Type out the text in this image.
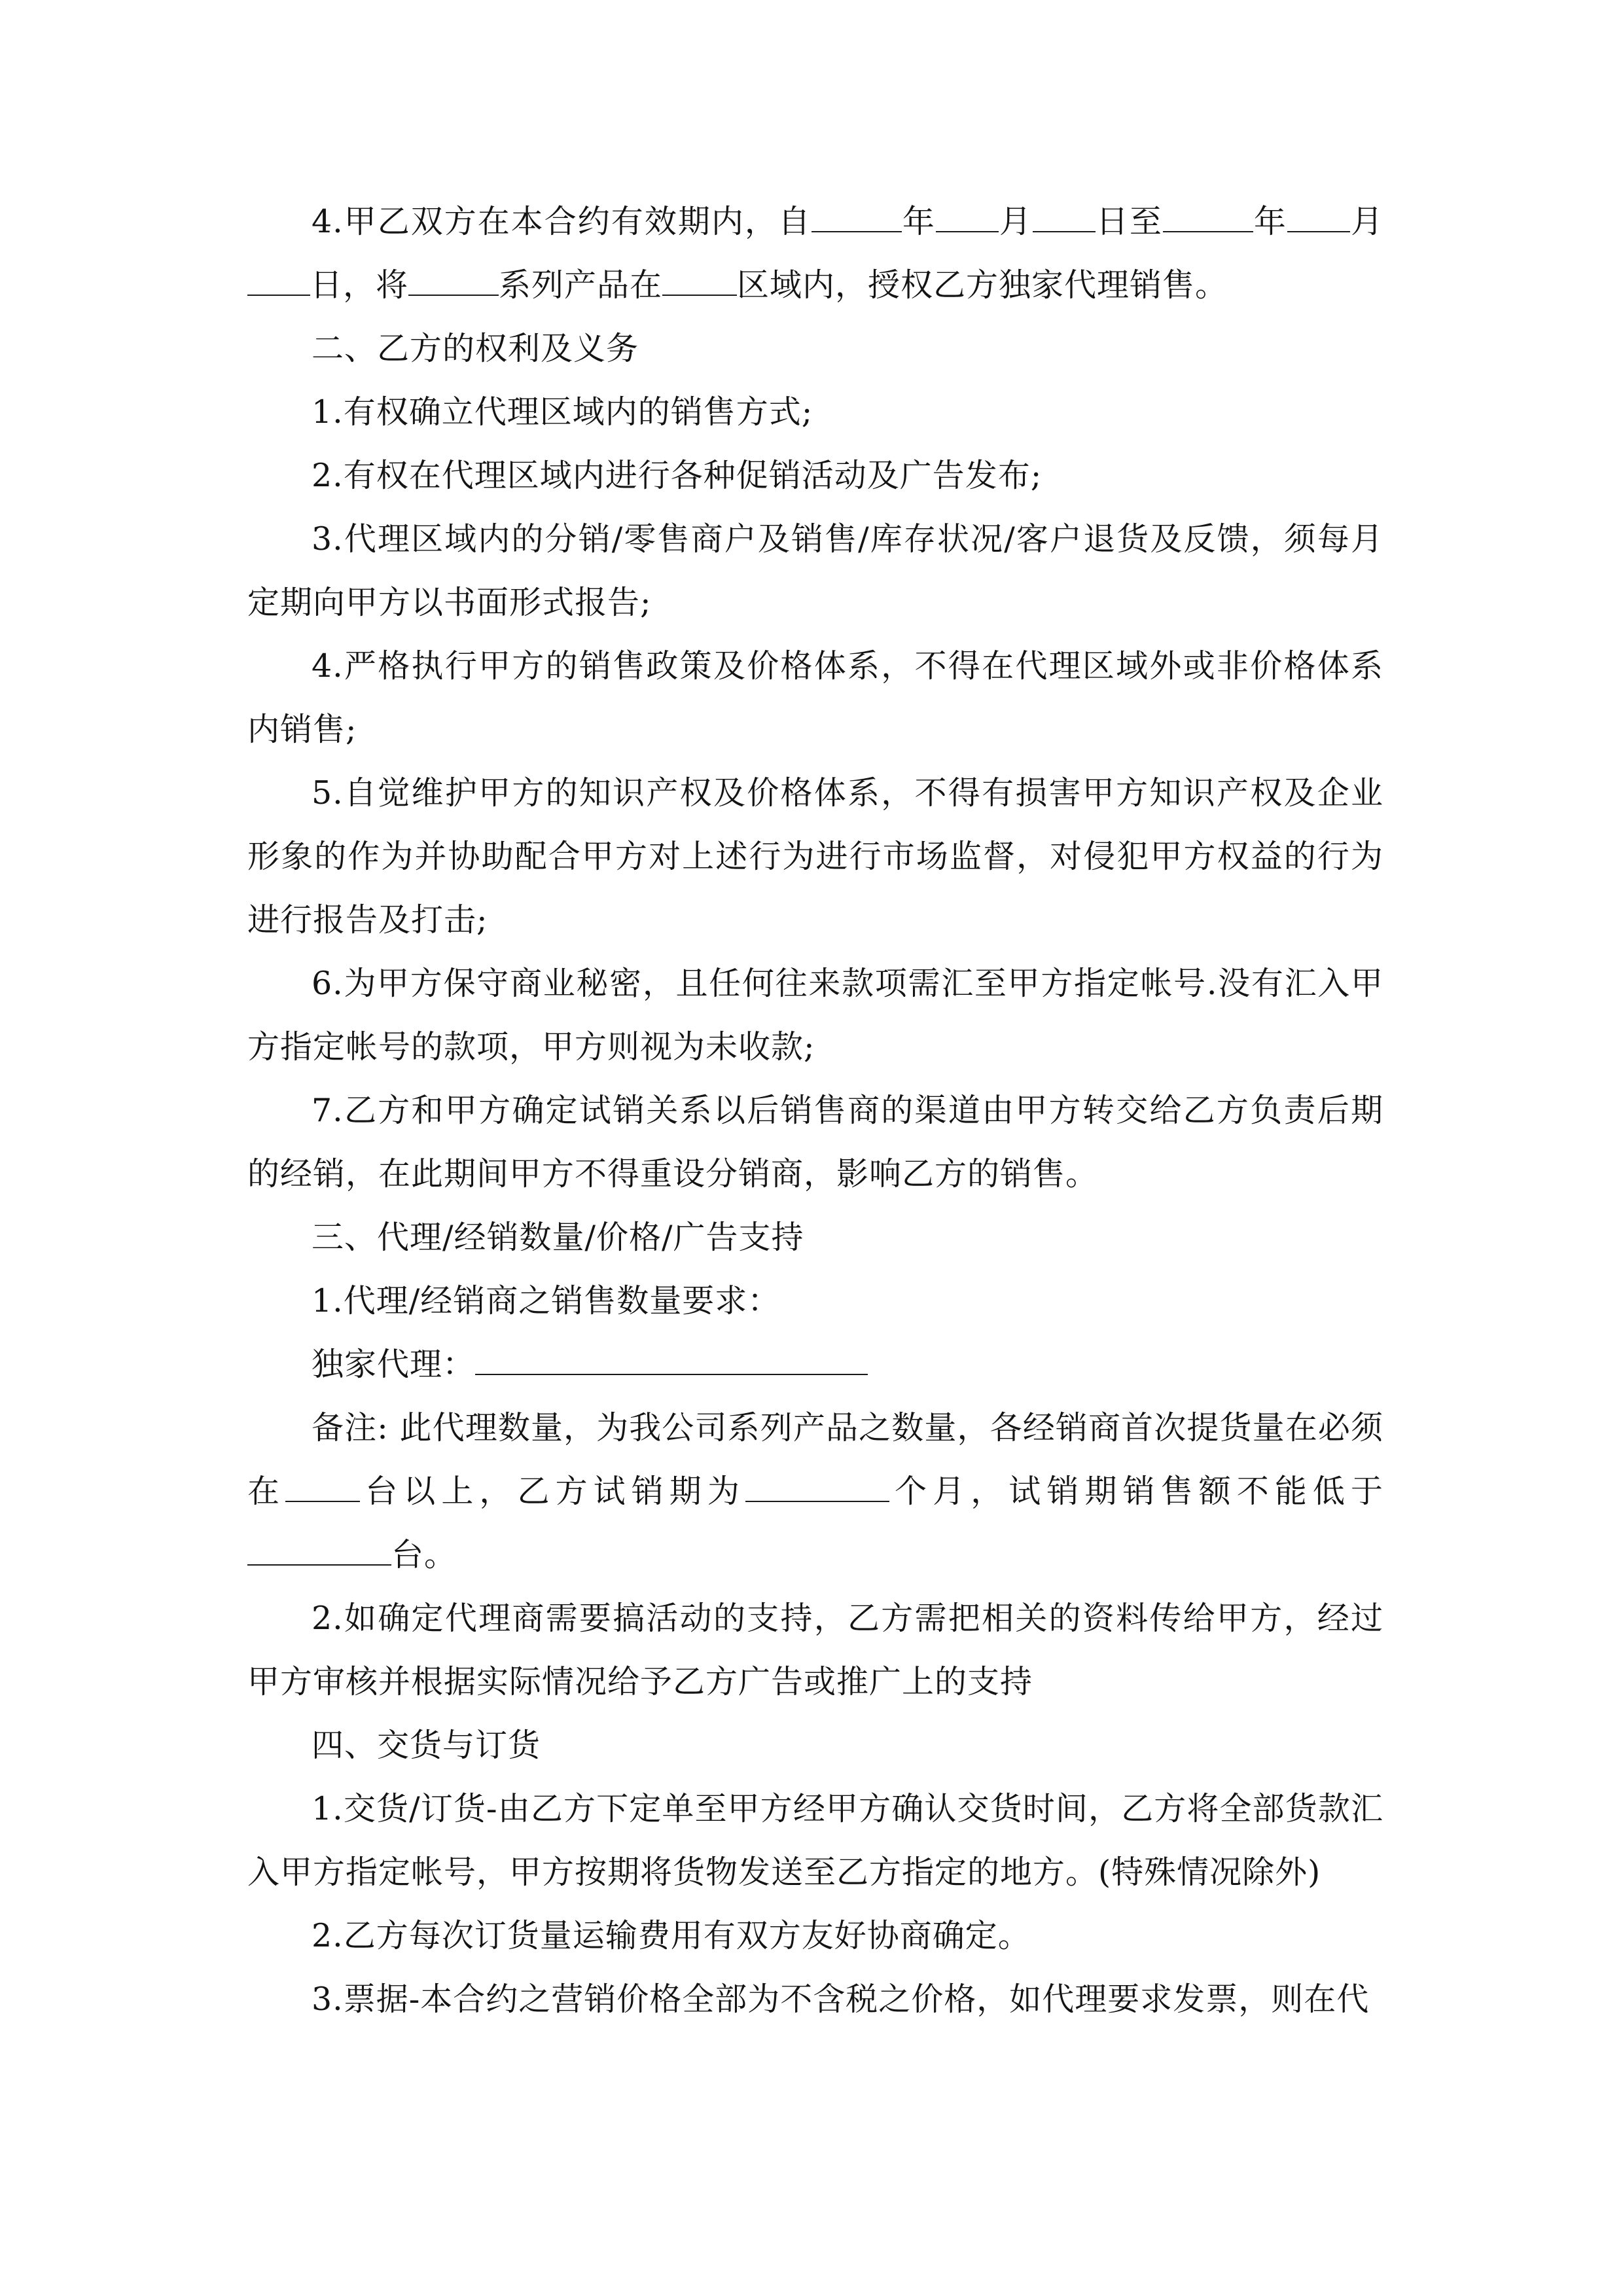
4.甲乙双方在本合约有效期内，自	年 月 日至	年 月日，将	系列产品在 区域内，授权乙方独家代理销售。

二、乙方的权利及义务

1.有权确立代理区域内的销售方式;

2.有权在代理区域内进行各种促销活动及广告发布;

3.代理区域内的分销/零售商户及销售/库存状况/客户退货及反馈，须每月定期向甲方以书面形式报告;

4.严格执行甲方的销售政策及价格体系，不得在代理区域外或非价格体系内销售;

5.自觉维护甲方的知识产权及价格体系，不得有损害甲方知识产权及企业形象的作为并协助配合甲方对上述行为进行市场监督，对侵犯甲方权益的行为进行报告及打击;

6.为甲方保守商业秘密，且任何往来款项需汇至甲方指定帐号.没有汇入甲方指定帐号的款项，甲方则视为未收款;

7.乙方和甲方确定试销关系以后销售商的渠道由甲方转交给乙方负责后期的经销，在此期间甲方不得重设分销商，影响乙方的销售。

三、代理/经销数量/价格/广告支持

1.代理/经销商之销售数量要求：

独家代理：

备注: 此代理数量，为我公司系列产品之数量，各经销商首次提货量在必须在 台以上，乙方试销期为	个月，试销期销售额不能低于台。

2.如确定代理商需要搞活动的支持，乙方需把相关的资料传给甲方，经过甲方审核并根据实际情况给予乙方广告或推广上的支持

四、交货与订货

1.交货/订货-由乙方下定单至甲方经甲方确认交货时间，乙方将全部货款汇入甲方指定帐号，甲方按期将货物发送至乙方指定的地方。(特殊情况除外)

2.乙方每次订货量运输费用有双方友好协商确定。

3.票据-本合约之营销价格全部为不含税之价格，如代理要求发票，则在代
